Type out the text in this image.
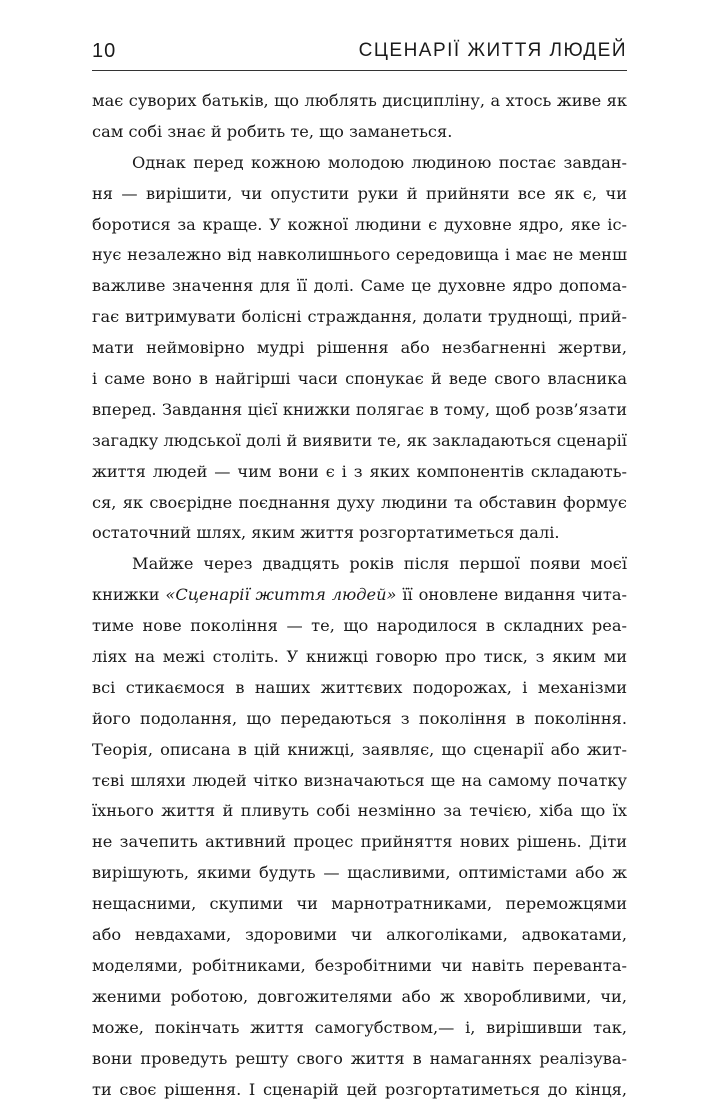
10	СЦЕНАРІЇ ЖИТТЯ ЛЮДЕЙ
має суворих батьків, що люблять дисципліну, а хтось живе як
сам собі знає й робить те, що заманеться.
Однак перед кожною молодою людиною постає завдан-
ня — вирішити, чи опустити руки й прийняти все як є, чи
боротися за краще. У кожної людини є духовне ядро, яке іс-
нує незалежно від навколишнього середовища і має не менш
важливе значення для її долі. Саме це духовне ядро допома-
гає витримувати болісні страждання, долати труднощі, прий-
мати неймовірно мудрі рішення або незбагненні жертви,
і саме воно в найгірші часи спонукає й веде свого власника
вперед. Завдання цієї книжки полягає в тому, щоб розв’язати
загадку людської долі й виявити те, як закладаються сценарії
життя людей — чим вони є і з яких компонентів складають-
ся, як своєрідне поєднання духу людини та обставин формує
остаточний шлях, яким життя розгортатиметься далі.
Майже через двадцять років після першої появи моєї
книжки «Сценарії життя людей» її оновлене видання чита-
тиме нове покоління — те, що народилося в складних реа-
ліях на межі століть. У книжці говорю про тиск, з яким ми
всі стикаємося в наших життєвих подорожах, і механізми
його подолання, що передаються з покоління в покоління.
Теорія, описана в цій книжці, заявляє, що сценарії або жит-
тєві шляхи людей чітко визначаються ще на самому початку
їхнього життя й пливуть собі незмінно за течією, хіба що їх
не зачепить активний процес прийняття нових рішень. Діти
вирішують, якими будуть — щасливими, оптимістами або ж
нещасними, скупими чи марнотратниками, переможцями
або невдахами, здоровими чи алкоголіками, адвокатами,
моделями, робітниками, безробітними чи навіть переванта-
женими роботою, довгожителями або ж хворобливими, чи,
може, покінчать життя самогубством,— і, вирішивши так,
вони проведуть решту свого життя в намаганнях реалізува-
ти своє рішення. І сценарій цей розгортатиметься до кінця,
